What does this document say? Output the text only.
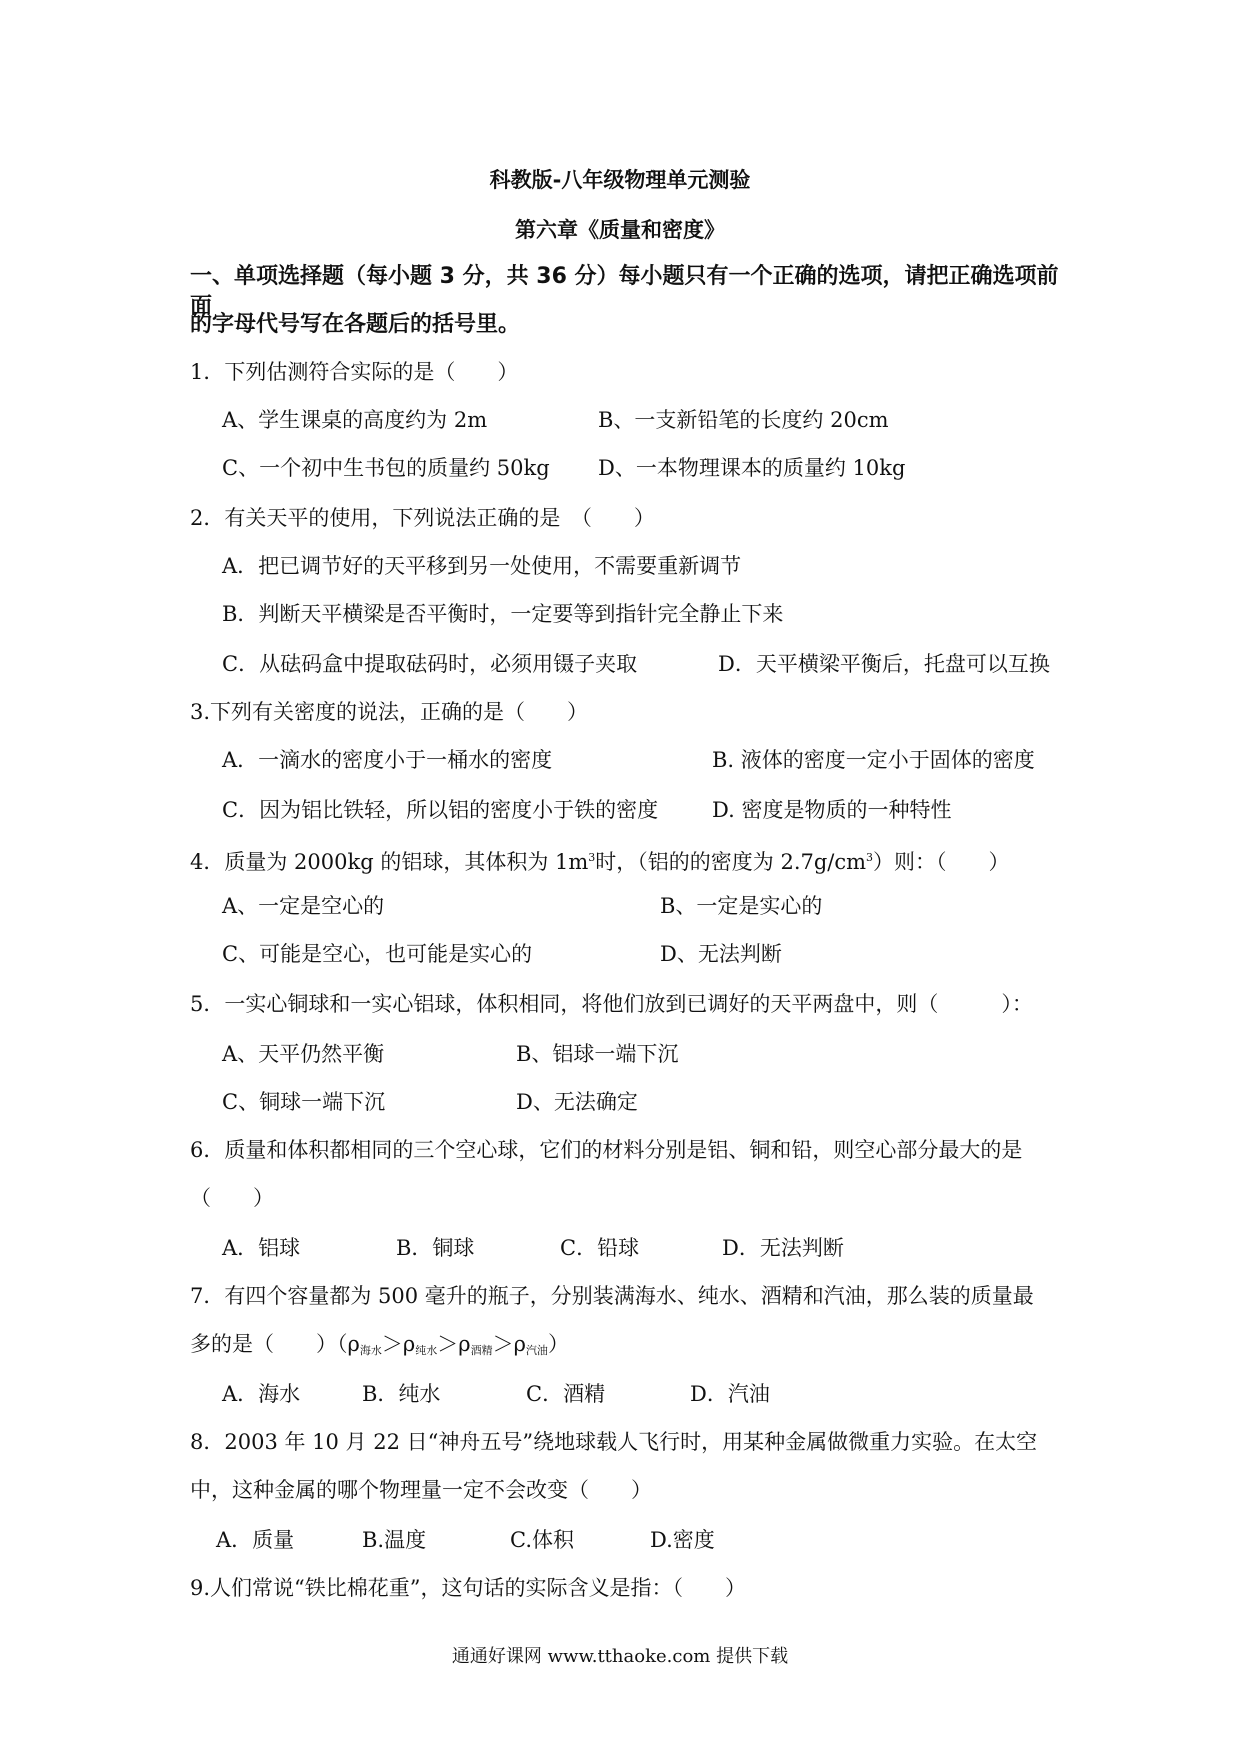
科教版-八年级物理单元测验
第六章《质量和密度》
一、单项选择题（每小题 3 分，共 36 分）每小题只有一个正确的选项，请把正确选项前面
的字母代号写在各题后的括号里。
1．下列估测符合实际的是（　　）
A、学生课桌的高度约为 2m	B、一支新铅笔的长度约 20cm
C、一个初中生书包的质量约 50kg D、一本物理课本的质量约 10kg
2．有关天平的使用，下列说法正确的是　（　　）
A．把已调节好的天平移到另一处使用，不需要重新调节
B．判断天平横梁是否平衡时，一定要等到指针完全静止下来
C．从砝码盒中提取砝码时，必须用镊子夹取	D．天平横梁平衡后，托盘可以互换
3.下列有关密度的说法，正确的是（　　）
A．一滴水的密度小于一桶水的密度	B. 液体的密度一定小于固体的密度
C．因为铝比铁轻，所以铝的密度小于铁的密度	D. 密度是物质的一种特性
4．质量为 2000kg 的铝球，其体积为 $1m^3$时，（铝的的密度为 $2.7g/cm^3$）则：（　　）
A、一定是空心的	B、一定是实心的
C、可能是空心，也可能是实心的	D、无法判断
5．一实心铜球和一实心铝球，体积相同，将他们放到已调好的天平两盘中，则（　　　）：
A、天平仍然平衡	B、铝球一端下沉
C、铜球一端下沉	D、无法确定
6．质量和体积都相同的三个空心球，它们的材料分别是铝、铜和铅，则空心部分最大的是
（　　）
A．铝球	B．铜球	C．铅球	D．无法判断
7．有四个容量都为 500 毫升的瓶子，分别装满海水、纯水、酒精和汽油，那么装的质量最
多的是（　　）$(\rho_{海水}>\rho_{纯水}>\rho_{酒精}>\rho_{汽油})$
A．海水	B．纯水	C．酒精	D．汽油
8．2003 年 10 月 22 日“神舟五号”绕地球载人飞行时，用某种金属做微重力实验。在太空
中，这种金属的哪个物理量一定不会改变（　　）
A．质量	B.温度	C.体积	D.密度
9.人们常说“铁比棉花重”，这句话的实际含义是指：（　　）
通通好课网 www.tthaoke.com 提供下载
